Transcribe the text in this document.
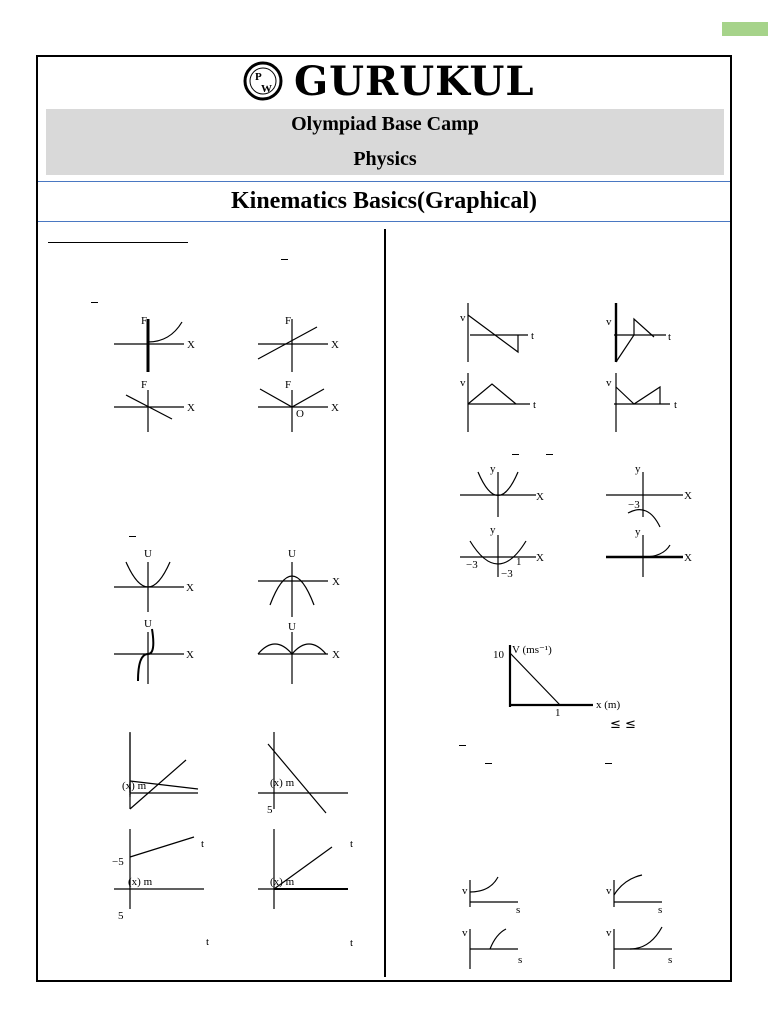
P
W GURUKUL
Olympiad Base Camp
Physics
Kinematics Basics(Graphical)
≤ ≤
F
X
F
X
F
X
F
X
O
U
X
U
X
U
X
U
X
(x) m
t
−5
(x) m
5
t
(x) m
5
t
(x) m
t
v
t
v
t
v
t
v
t
y
X
y
X
−3
y
X
−3	1
−3
y
X
V (ms⁻¹)
10
x (m)
1
v
s
v
s
v
s
v
s
